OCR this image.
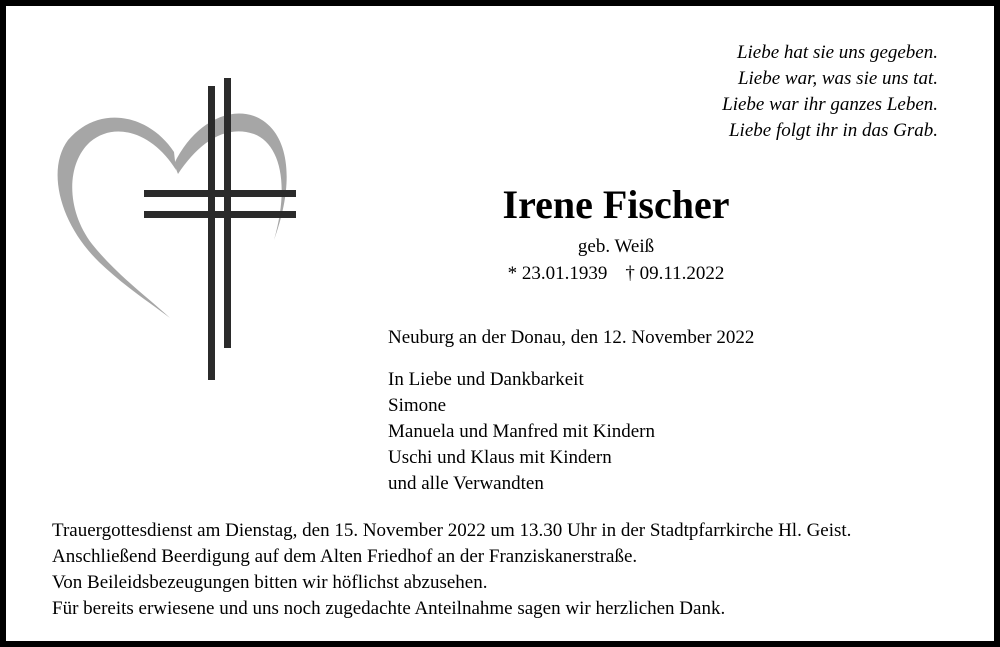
Liebe hat sie uns gegeben.
Liebe war, was sie uns tat.
Liebe war ihr ganzes Leben.
Liebe folgt ihr in das Grab.
Irene Fischer
geb. Weiß
* 23.01.1939 † 09.11.2022
Neuburg an der Donau, den 12. November 2022
In Liebe und Dankbarkeit
Simone
Manuela und Manfred mit Kindern
Uschi und Klaus mit Kindern
und alle Verwandten
Trauergottesdienst am Dienstag, den 15. November 2022 um 13.30 Uhr in der Stadtpfarrkirche Hl. Geist.
Anschließend Beerdigung auf dem Alten Friedhof an der Franziskanerstraße.
Von Beileidsbezeugungen bitten wir höflichst abzusehen.
Für bereits erwiesene und uns noch zugedachte Anteilnahme sagen wir herzlichen Dank.
